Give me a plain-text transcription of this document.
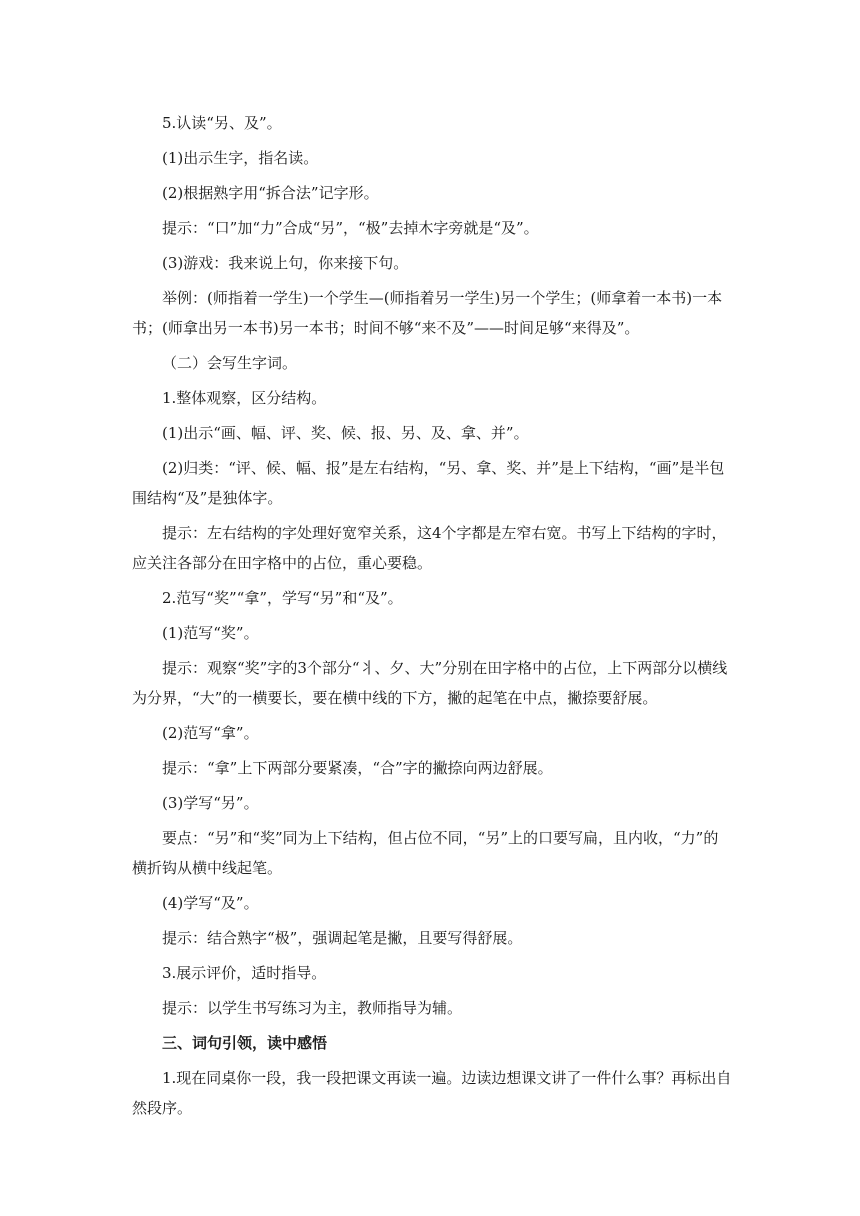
5.认读“另、及”。

(1)出示生字，指名读。

(2)根据熟字用“拆合法”记字形。

提示：“口”加“力”合成“另”，“极”去掉木字旁就是“及”。

(3)游戏：我来说上句，你来接下句。

举例：(师指着一学生)一个学生—(师指着另一学生)另一个学生；(师拿着一本书)一本书；(师拿出另一本书)另一本书；时间不够“来不及”——时间足够“来得及”。

（二）会写生字词。

1.整体观察，区分结构。

(1)出示“画、幅、评、奖、候、报、另、及、拿、并”。

(2)归类：“评、候、幅、报”是左右结构，“另、拿、奖、并”是上下结构，“画”是半包围结构“及”是独体字。

提示：左右结构的字处理好宽窄关系，这4个字都是左窄右宽。书写上下结构的字时，应关注各部分在田字格中的占位，重心要稳。

2.范写“奖”“拿”，学写“另”和“及”。

(1)范写“奖”。

提示：观察“奖”字的3个部分“丬、夕、大”分别在田字格中的占位，上下两部分以横线为分界，“大”的一横要长，要在横中线的下方，撇的起笔在中点，撇捺要舒展。

(2)范写“拿”。

提示：“拿”上下两部分要紧凑，“合”字的撇捺向两边舒展。

(3)学写“另”。

要点：“另”和“奖”同为上下结构，但占位不同，“另”上的口要写扁，且内收，“力”的横折钩从横中线起笔。

(4)学写“及”。

提示：结合熟字“极”，强调起笔是撇，且要写得舒展。

3.展示评价，适时指导。

提示：以学生书写练习为主，教师指导为辅。

三、词句引领，读中感悟

1.现在同桌你一段，我一段把课文再读一遍。边读边想课文讲了一件什么事？再标出自然段序。
